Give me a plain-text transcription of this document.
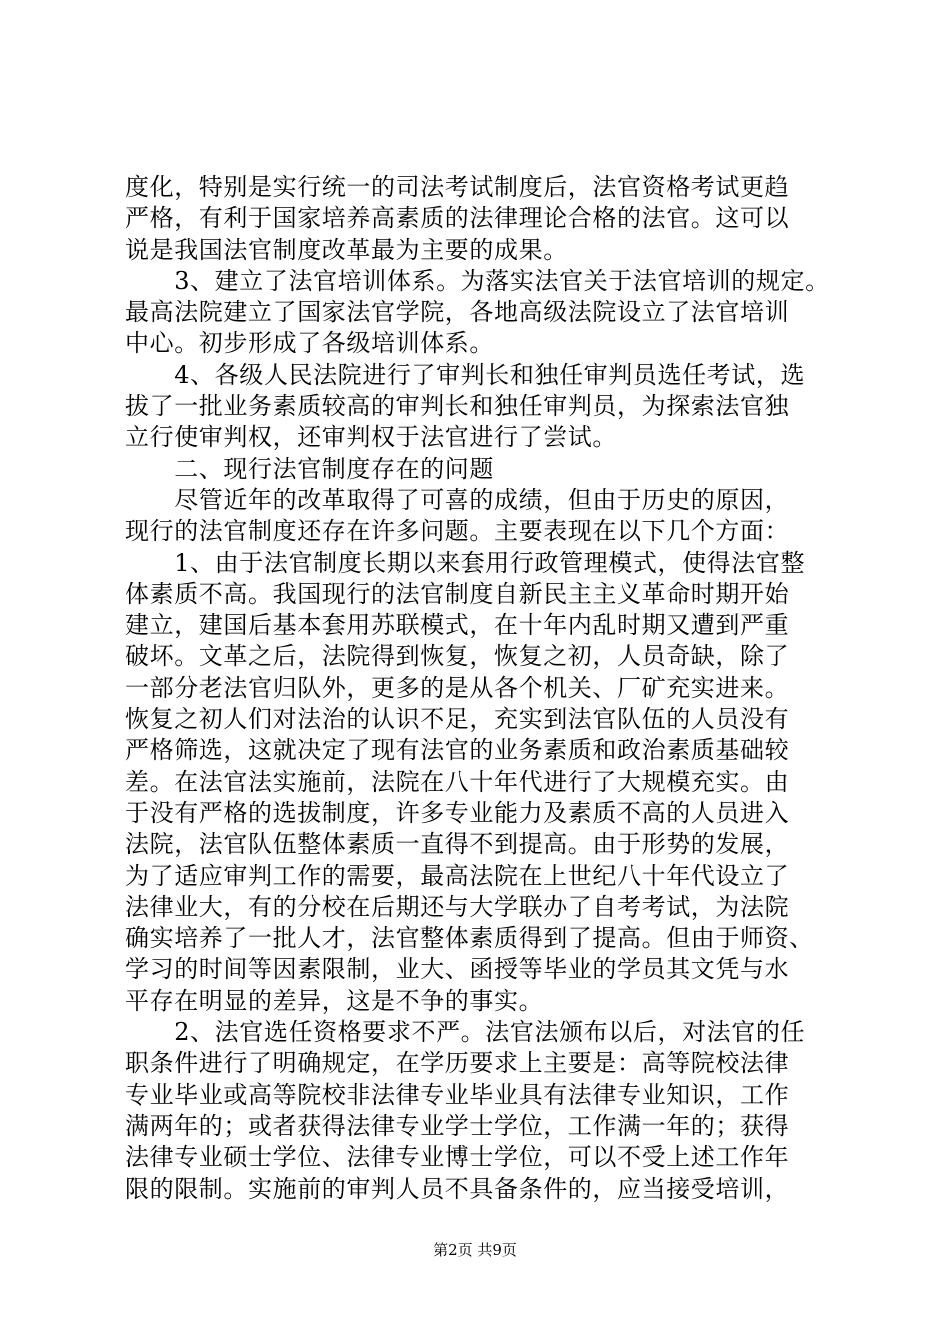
度化，特别是实行统一的司法考试制度后，法官资格考试更趋
严格，有利于国家培养高素质的法律理论合格的法官。这可以
说是我国法官制度改革最为主要的成果。
　　3、建立了法官培训体系。为落实法官关于法官培训的规定。
最高法院建立了国家法官学院，各地高级法院设立了法官培训
中心。初步形成了各级培训体系。
　　4、各级人民法院进行了审判长和独任审判员选任考试，选
拔了一批业务素质较高的审判长和独任审判员，为探索法官独
立行使审判权，还审判权于法官进行了尝试。
　　二、现行法官制度存在的问题
　　尽管近年的改革取得了可喜的成绩，但由于历史的原因，
现行的法官制度还存在许多问题。主要表现在以下几个方面：
　　1、由于法官制度长期以来套用行政管理模式，使得法官整
体素质不高。我国现行的法官制度自新民主主义革命时期开始
建立，建国后基本套用苏联模式，在十年内乱时期又遭到严重
破坏。文革之后，法院得到恢复，恢复之初，人员奇缺，除了
一部分老法官归队外，更多的是从各个机关、厂矿充实进来。
恢复之初人们对法治的认识不足，充实到法官队伍的人员没有
严格筛选，这就决定了现有法官的业务素质和政治素质基础较
差。在法官法实施前，法院在八十年代进行了大规模充实。由
于没有严格的选拔制度，许多专业能力及素质不高的人员进入
法院，法官队伍整体素质一直得不到提高。由于形势的发展，
为了适应审判工作的需要，最高法院在上世纪八十年代设立了
法律业大，有的分校在后期还与大学联办了自考考试，为法院
确实培养了一批人才，法官整体素质得到了提高。但由于师资、
学习的时间等因素限制，业大、函授等毕业的学员其文凭与水
平存在明显的差异，这是不争的事实。
　　2、法官选任资格要求不严。法官法颁布以后，对法官的任
职条件进行了明确规定，在学历要求上主要是：高等院校法律
专业毕业或高等院校非法律专业毕业具有法律专业知识，工作
满两年的；或者获得法律专业学士学位，工作满一年的；获得
法律专业硕士学位、法律专业博士学位，可以不受上述工作年
限的限制。实施前的审判人员不具备条件的，应当接受培训，
第2页 共9页
